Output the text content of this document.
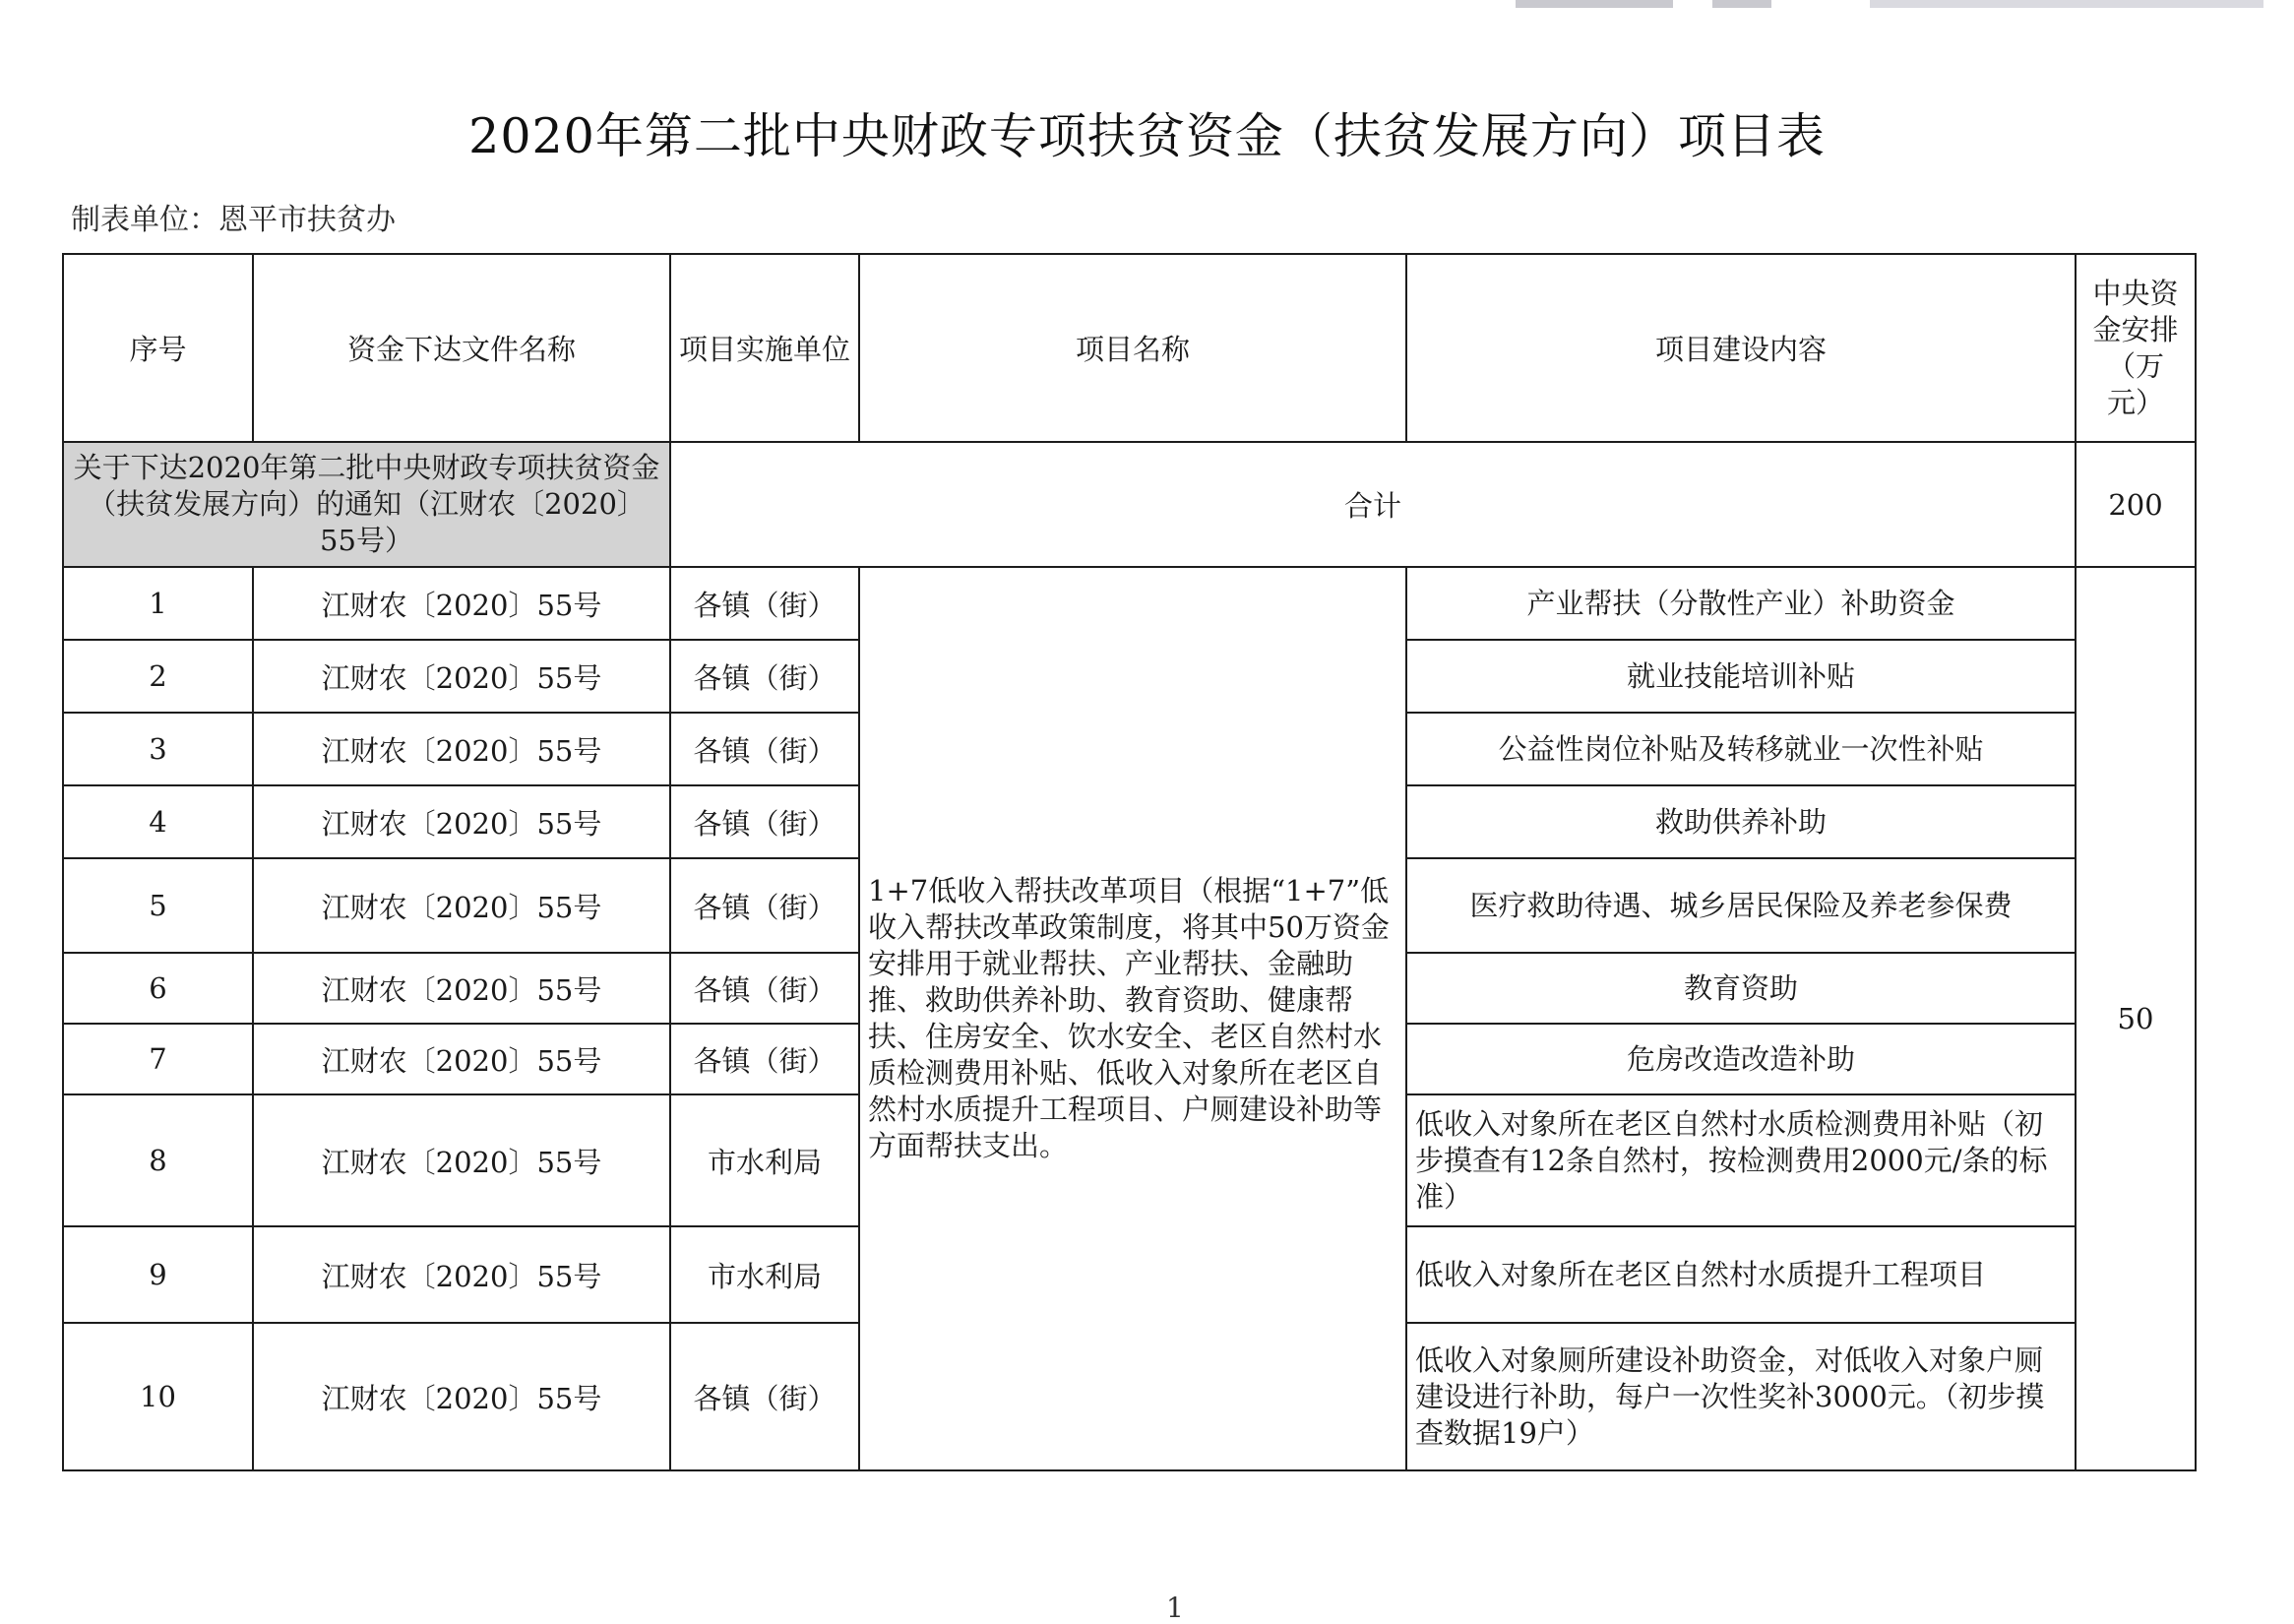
2020年第二批中央财政专项扶贫资金（扶贫发展方向）项目表
制表单位：恩平市扶贫办
序号	资金下达文件名称	项目实施单位	项目名称	项目建设内容	中央资金安排（万元）
关于下达2020年第二批中央财政专项扶贫资金（扶贫发展方向）的通知（江财农〔2020〕55号）		合计			200
1	江财农〔2020〕55号	各镇（街）	1+7低收入帮扶改革项目（根据“1+7”低收入帮扶改革政策制度，将其中50万资金安排用于就业帮扶、产业帮扶、金融助推、救助供养补助、教育资助、健康帮扶、住房安全、饮水安全、老区自然村水质检测费用补贴、低收入对象所在老区自然村水质提升工程项目、户厕建设补助等方面帮扶支出。	产业帮扶（分散性产业）补助资金	50
2	江财农〔2020〕55号	各镇（街）		就业技能培训补贴	
3	江财农〔2020〕55号	各镇（街）		公益性岗位补贴及转移就业一次性补贴	
4	江财农〔2020〕55号	各镇（街）		救助供养补助	
5	江财农〔2020〕55号	各镇（街）		医疗救助待遇、城乡居民保险及养老参保费	
6	江财农〔2020〕55号	各镇（街）		教育资助	
7	江财农〔2020〕55号	各镇（街）		危房改造改造补助	
8	江财农〔2020〕55号	市水利局		低收入对象所在老区自然村水质检测费用补贴（初步摸查有12条自然村，按检测费用2000元/条的标准）	
9	江财农〔2020〕55号	市水利局		低收入对象所在老区自然村水质提升工程项目	
10	江财农〔2020〕55号	各镇（街）		低收入对象厕所建设补助资金，对低收入对象户厕建设进行补助，每户一次性奖补3000元。（初步摸查数据19户）	
1
